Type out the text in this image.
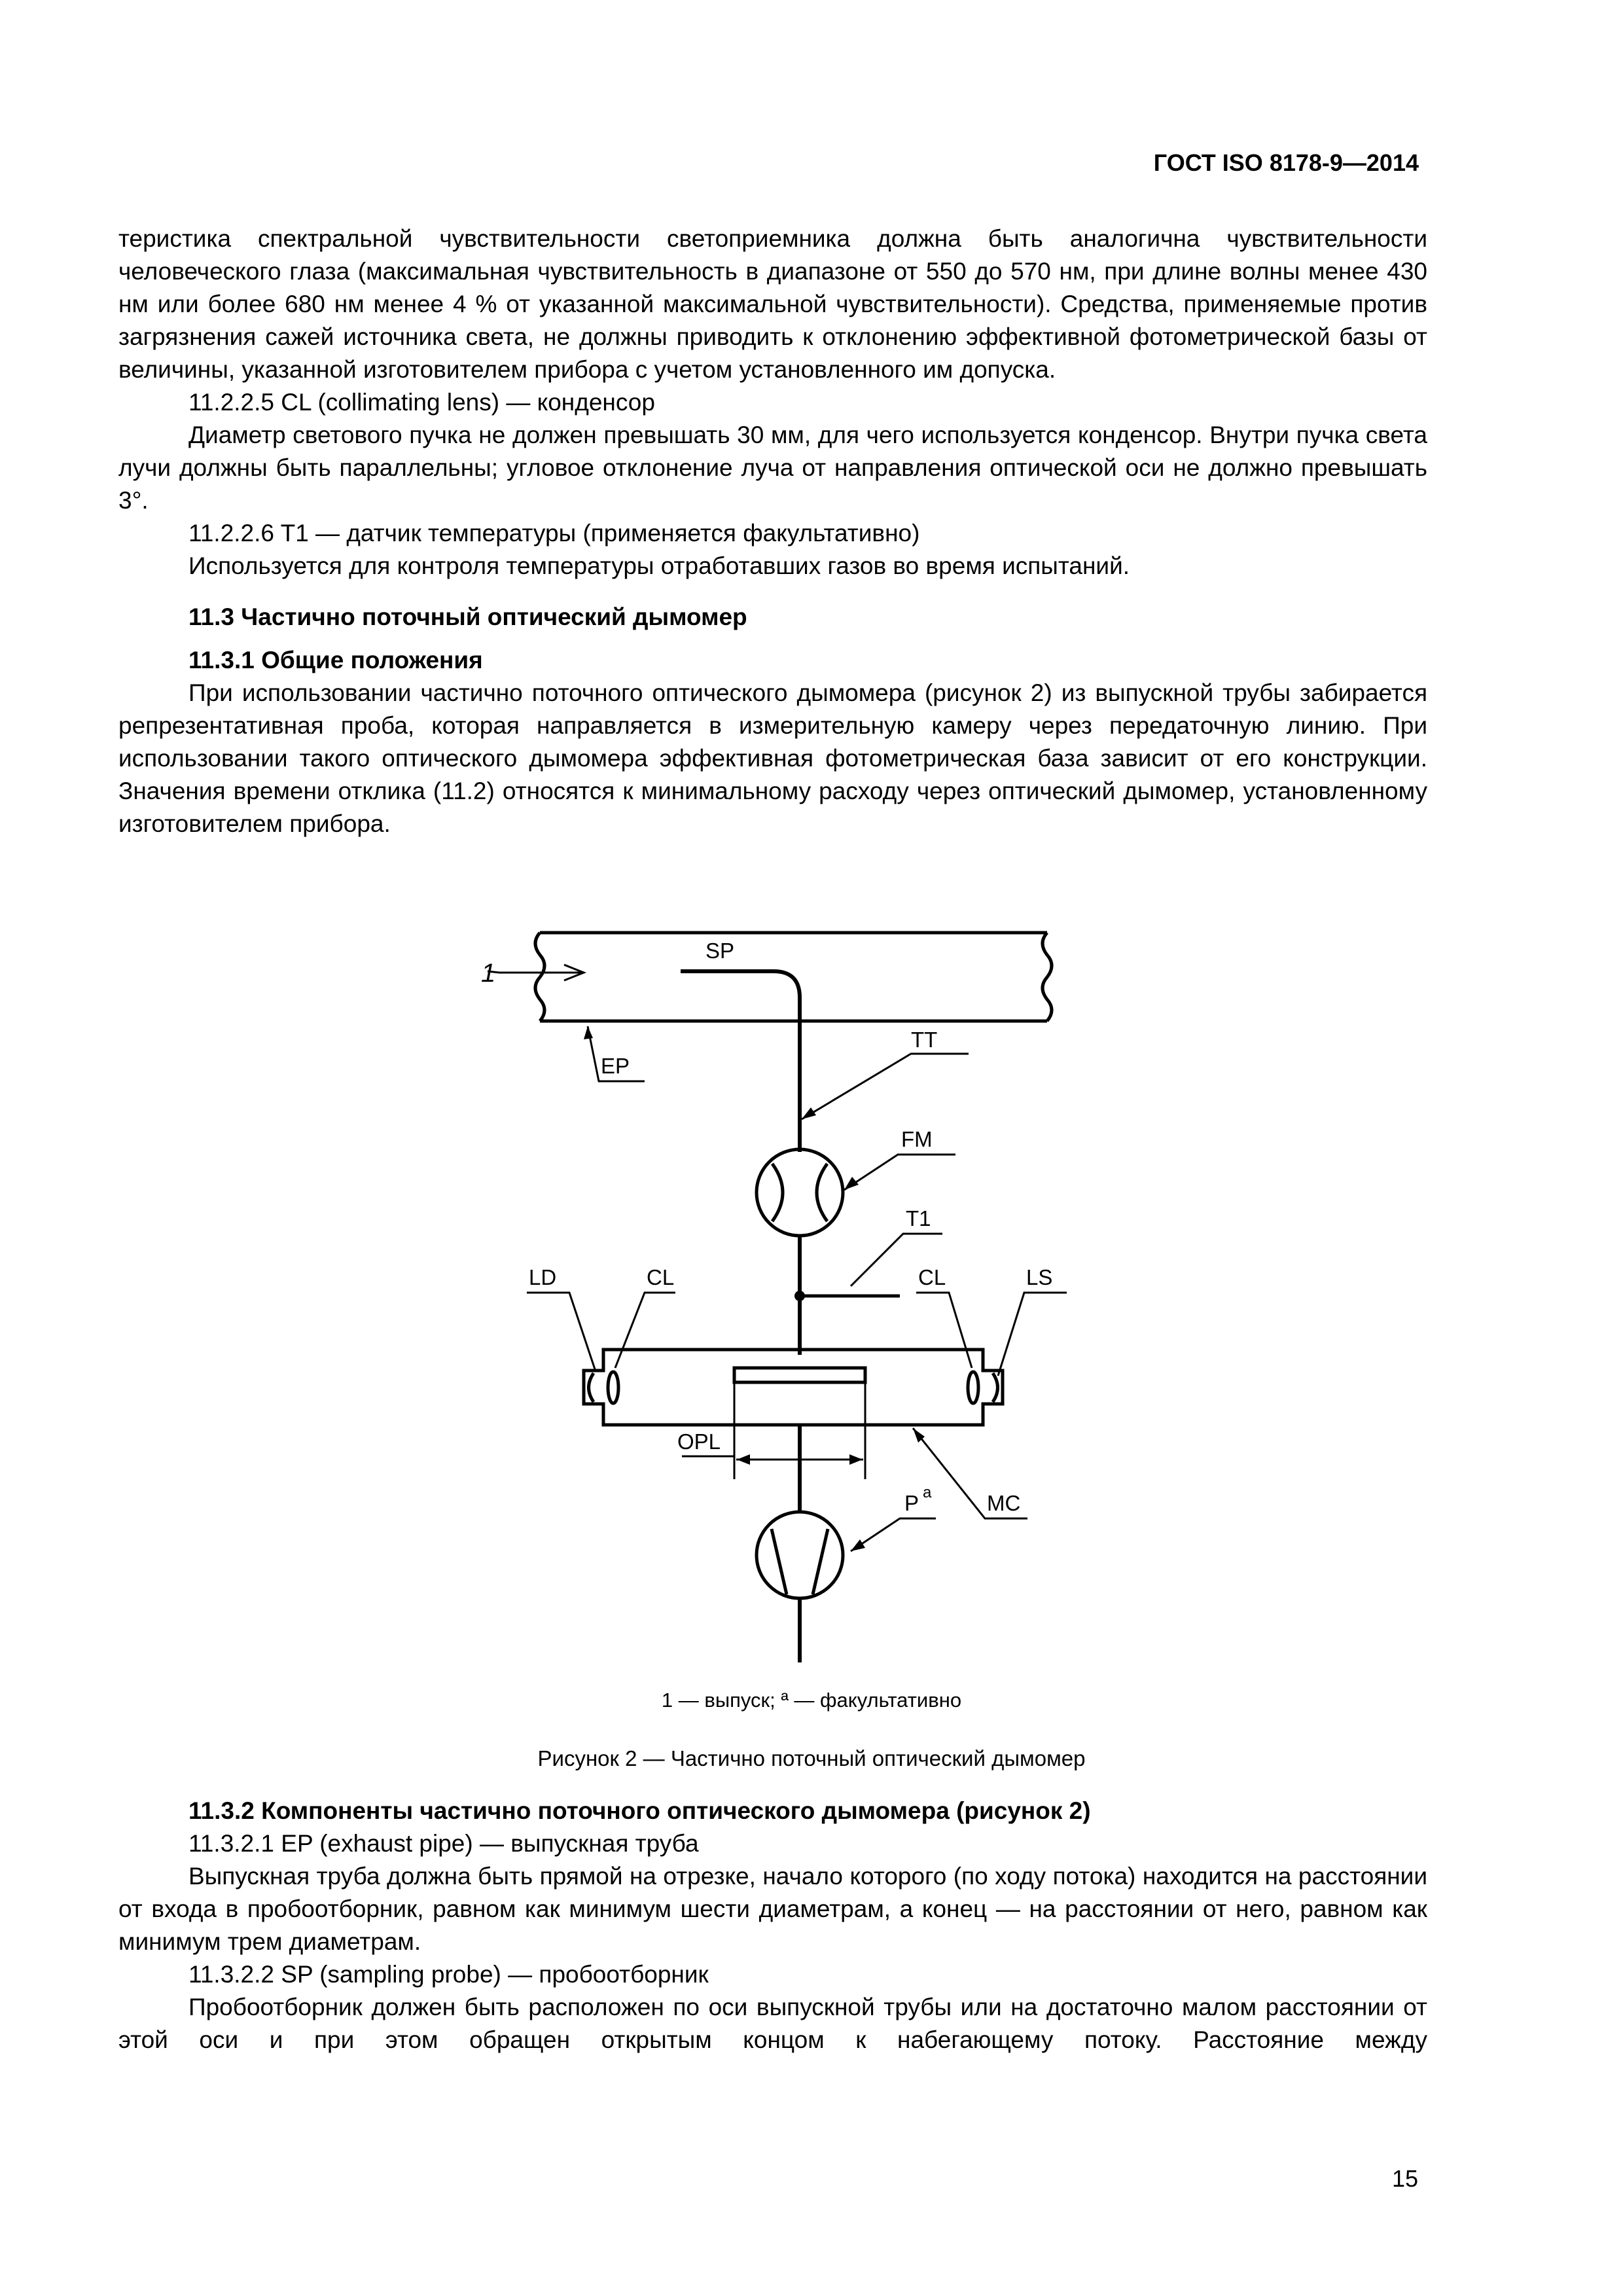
ГОСТ ISO 8178-9—2014

теристика спектральной чувствительности светоприемника должна быть аналогична чувствительности человеческого глаза (максимальная чувствительность в диапазоне от 550 до 570 нм, при длине волны менее 430 нм или более 680 нм менее 4 % от указанной максимальной чувствительности). Средства, применяемые против загрязнения сажей источника света, не должны приводить к отклонению эффективной фотометрической базы от величины, указанной изготовителем прибора с учетом установленного им допуска.

11.2.2.5 CL (collimating lens) — конденсор

Диаметр светового пучка не должен превышать 30 мм, для чего используется конденсор. Внутри пучка света лучи должны быть параллельны; угловое отклонение луча от направления оптической оси не должно превышать 3°.

11.2.2.6 T1 — датчик температуры (применяется факультативно)

Используется для контроля температуры отработавших газов во время испытаний.

11.3 Частично поточный оптический дымомер
11.3.1 Общие положения

При использовании частично поточного оптического дымомера (рисунок 2) из выпускной трубы забирается репрезентативная проба, которая направляется в измерительную камеру через передаточную линию. При использовании такого оптического дымомера эффективная фотометрическая база зависит от его конструкции. Значения времени отклика (11.2) относятся к минимальному расходу через оптический дымомер, установленному изготовителем прибора.

1
SP
EP
TT
FM
T1
LD	CL	CL	LS
OPL
P a	MC
1 — выпуск; ª — факультативно
Рисунок 2 — Частично поточный оптический дымомер
11.3.2 Компоненты частично поточного оптического дымомера (рисунок 2)

11.3.2.1 EP (exhaust pipe) — выпускная труба

Выпускная труба должна быть прямой на отрезке, начало которого (по ходу потока) находится на расстоянии от входа в пробоотборник, равном как минимум шести диаметрам, а конец — на расстоянии от него, равном как минимум трем диаметрам.

11.3.2.2 SP (sampling probe) — пробоотборник

Пробоотборник должен быть расположен по оси выпускной трубы или на достаточно малом расстоянии от этой оси и при этом обращен открытым концом к набегающему потоку. Расстояние между

15
